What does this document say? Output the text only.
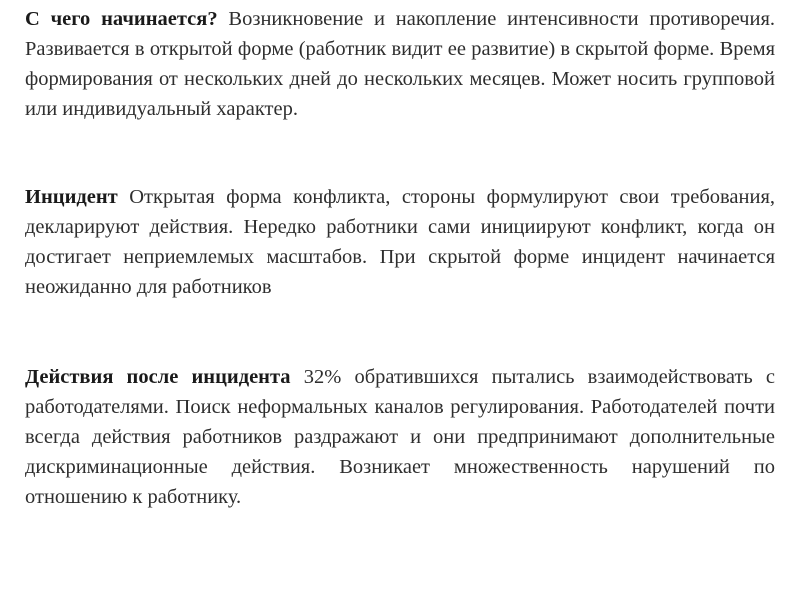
С чего начинается? Возникновение и накопление интенсивности противоречия. Развивается в открытой форме (работник видит ее развитие) в скрытой форме. Время формирования от нескольких дней до нескольких месяцев. Может носить групповой или индивидуальный характер.

Инцидент Открытая форма конфликта, стороны формулируют свои требования, декларируют действия. Нередко работники сами инициируют конфликт, когда он достигает неприемлемых масштабов. При скрытой форме инцидент начинается неожиданно для работников

Действия после инцидента 32% обратившихся пытались взаимодействовать с работодателями. Поиск неформальных каналов регулирования. Работодателей почти всегда действия работников раздражают и они предпринимают дополнительные дискриминационные действия. Возникает множественность нарушений по отношению к работнику.
